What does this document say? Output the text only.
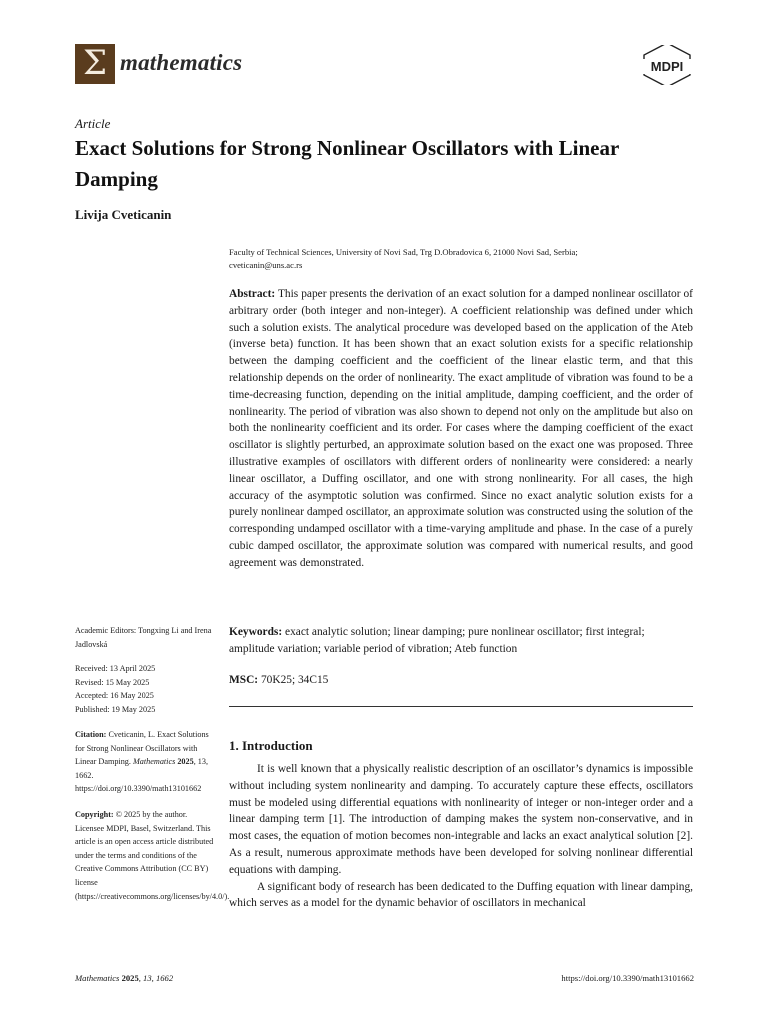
Σ mathematics	MDPI
Article
Exact Solutions for Strong Nonlinear Oscillators with Linear Damping
Livija Cveticanin
Faculty of Technical Sciences, University of Novi Sad, Trg D.Obradovica 6, 21000 Novi Sad, Serbia;
cveticanin@uns.ac.rs
Abstract: This paper presents the derivation of an exact solution for a damped nonlinear oscillator of arbitrary order (both integer and non-integer). A coefficient relationship was defined under which such a solution exists. The analytical procedure was developed based on the application of the Ateb (inverse beta) function. It has been shown that an exact solution exists for a specific relationship between the damping coefficient and the coefficient of the linear elastic term, and that this relationship depends on the order of nonlinearity. The exact amplitude of vibration was found to be a time-decreasing function, depending on the initial amplitude, damping coefficient, and the order of nonlinearity. The period of vibration was also shown to depend not only on the amplitude but also on both the nonlinearity coefficient and its order. For cases where the damping coefficient of the exact oscillator is slightly perturbed, an approximate solution based on the exact one was proposed. Three illustrative examples of oscillators with different orders of nonlinearity were considered: a nearly linear oscillator, a Duffing oscillator, and one with strong nonlinearity. For all cases, the high accuracy of the asymptotic solution was confirmed. Since no exact analytic solution exists for a purely nonlinear damped oscillator, an approximate solution was constructed using the solution of the corresponding undamped oscillator with a time-varying amplitude and phase. In the case of a purely cubic damped oscillator, the approximate solution was compared with numerical results, and good agreement was demonstrated.
Keywords: exact analytic solution; linear damping; pure nonlinear oscillator; first integral; amplitude variation; variable period of vibration; Ateb function
MSC: 70K25; 34C15
1. Introduction

It is well known that a physically realistic description of an oscillator’s dynamics is impossible without including system nonlinearity and damping. To accurately capture these effects, oscillators must be modeled using differential equations with nonlinearity of integer or non-integer order and a linear damping term [1]. The introduction of damping makes the system non-conservative, and in most cases, the equation of motion becomes non-integrable and lacks an exact analytical solution [2]. As a result, numerous approximate methods have been developed for solving nonlinear differential equations with damping.

A significant body of research has been dedicated to the Duffing equation with linear damping, which serves as a model for the dynamic behavior of oscillators in mechanical

Academic Editors: Tongxing Li and Irena Jadlovská
Received: 13 April 2025
Revised: 15 May 2025
Accepted: 16 May 2025
Published: 19 May 2025
Citation: Cveticanin, L. Exact Solutions for Strong Nonlinear Oscillators with Linear Damping. Mathematics 2025, 13, 1662. https://doi.org/10.3390/math13101662
Copyright: © 2025 by the author. Licensee MDPI, Basel, Switzerland. This article is an open access article distributed under the terms and conditions of the Creative Commons Attribution (CC BY) license (https://creativecommons.org/licenses/by/4.0/).
Mathematics 2025, 13, 1662	https://doi.org/10.3390/math13101662
